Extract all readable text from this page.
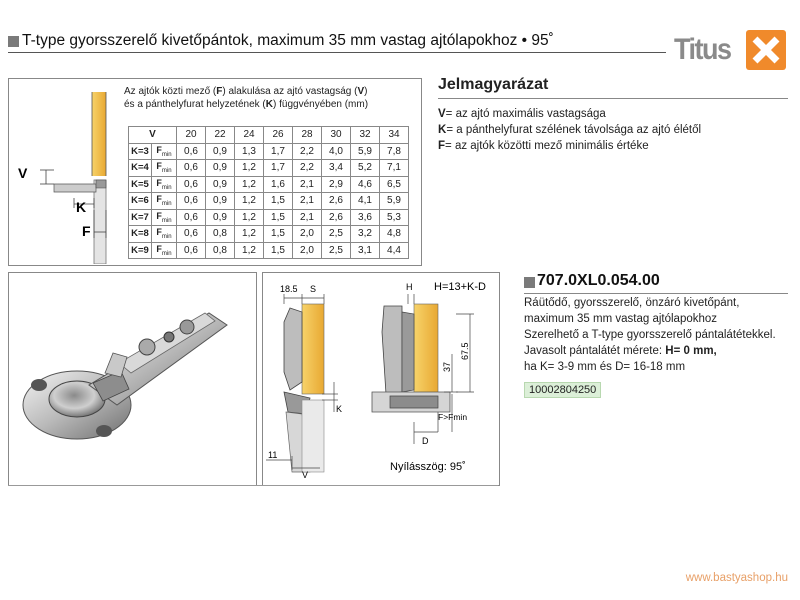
T-type gyorsszerelő kivetőpántok, maximum 35 mm vastag ajtólapokhoz • 95˚	Titus
V
K
F
Az ajtók közti mező (F) alakulása az ajtó vastagság (V)
és a pánthelyfurat helyzetének (K) függvényében (mm)
V		20	22	24	26	28	30	32	34
K=3	$F_{min}$	0,6	0,9	1,3	1,7	2,2	4,0	5,9	7,8
K=4	$F_{min}$	0,6	0,9	1,2	1,7	2,2	3,4	5,2	7,1
K=5	$F_{min}$	0,6	0,9	1,2	1,6	2,1	2,9	4,6	6,5
K=6	$F_{min}$	0,6	0,9	1,2	1,5	2,1	2,6	4,1	5,9
K=7	$F_{min}$	0,6	0,9	1,2	1,5	2,1	2,6	3,6	5,3
K=8	$F_{min}$	0,6	0,8	1,2	1,5	2,0	2,5	3,2	4,8
K=9	$F_{min}$	0,6	0,8	1,2	1,5	2,0	2,5	3,1	4,4
Jelmagyarázat
V= az ajtó maximális vastagsága
K= a pánthelyfurat szélének távolsága az ajtó élétől
F= az ajtók közötti mező minimális értéke
18.5 S
K
11
V
H H=13+K-D
F>Fmin
D
67.5
37
Nyílásszög: 95˚
707.0XL0.054.00
Ráütődő, gyorsszerelő, önzáró kivetőpánt,
maximum 35 mm vastag ajtólapokhoz
Szerelhető a T-type gyorsszerelő pántalátétekkel.
Javasolt pántalátét mérete: H= 0 mm,
ha K= 3-9 mm és D= 16-18 mm
10002804250
www.bastyashop.hu
